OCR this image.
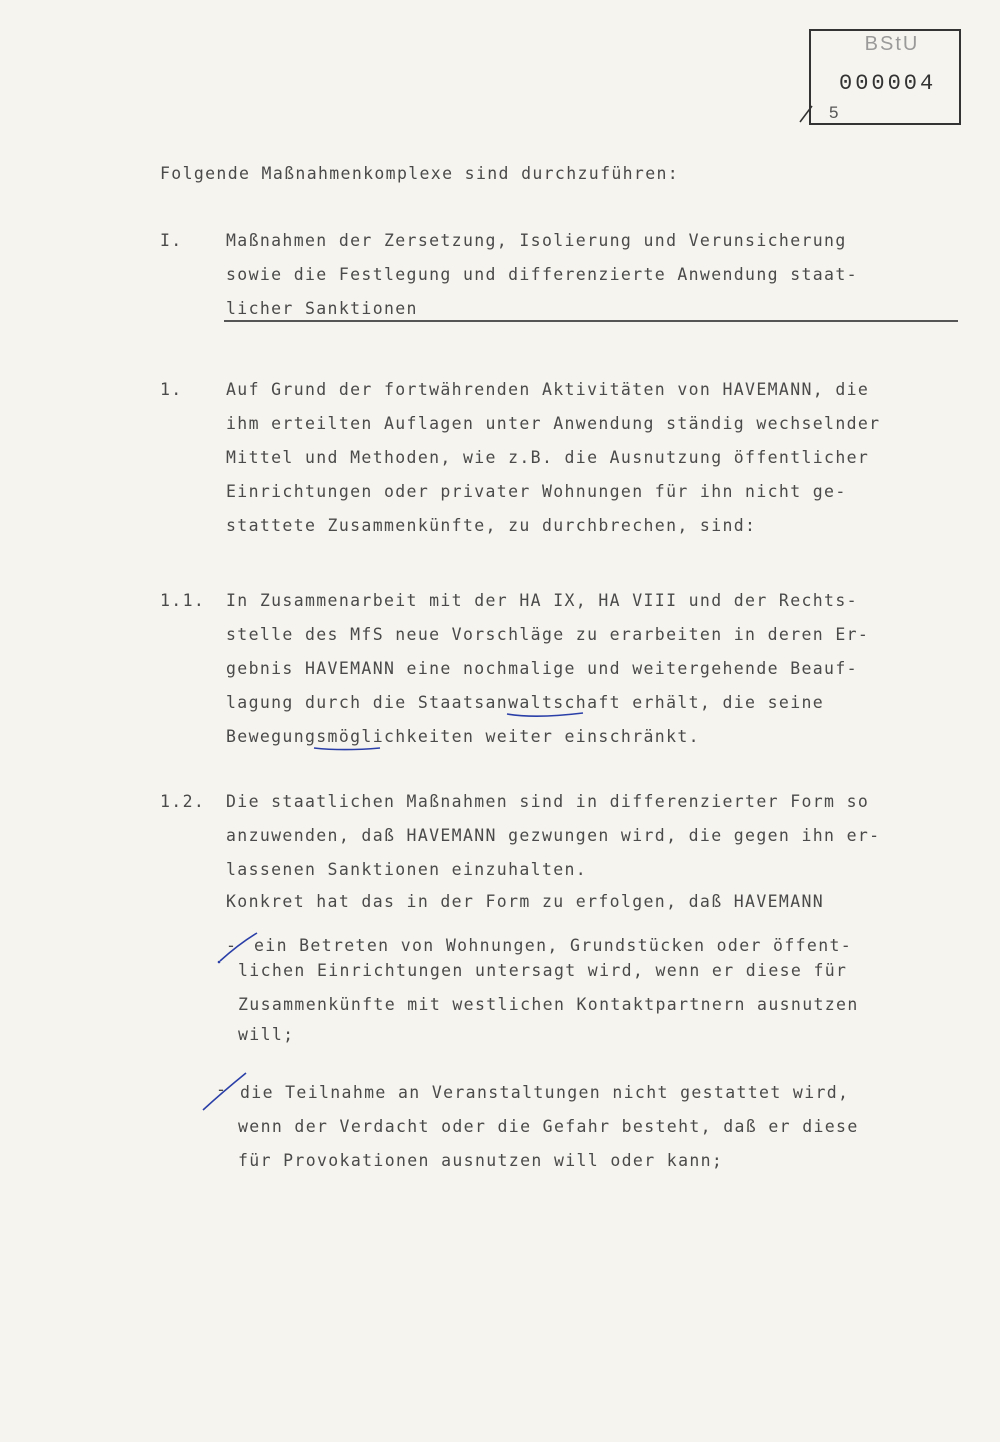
BStU
000004
5
Folgende Maßnahmenkomplexe sind durchzuführen:
I.	Maßnahmen der Zersetzung, Isolierung und Verunsicherung
sowie die Festlegung und differenzierte Anwendung staat-
licher Sanktionen
1.	Auf Grund der fortwährenden Aktivitäten von HAVEMANN, die
ihm erteilten Auflagen unter Anwendung ständig wechselnder
Mittel und Methoden, wie z.B. die Ausnutzung öffentlicher
Einrichtungen oder privater Wohnungen für ihn nicht ge-
stattete Zusammenkünfte, zu durchbrechen, sind:
1.1. In Zusammenarbeit mit der HA IX, HA VIII und der Rechts-
stelle des MfS neue Vorschläge zu erarbeiten in deren Er-
gebnis HAVEMANN eine nochmalige und weitergehende Beauf-
lagung durch die Staatsanwaltschaft erhält, die seine
Bewegungsmöglichkeiten weiter einschränkt.
1.2. Die staatlichen Maßnahmen sind in differenzierter Form so
anzuwenden, daß HAVEMANN gezwungen wird, die gegen ihn er-
lassenen Sanktionen einzuhalten.
Konkret hat das in der Form zu erfolgen, daß HAVEMANN
- ein Betreten von Wohnungen, Grundstücken oder öffent-
lichen Einrichtungen untersagt wird, wenn er diese für
Zusammenkünfte mit westlichen Kontaktpartnern ausnutzen
will;
- die Teilnahme an Veranstaltungen nicht gestattet wird,
wenn der Verdacht oder die Gefahr besteht, daß er diese
für Provokationen ausnutzen will oder kann;
